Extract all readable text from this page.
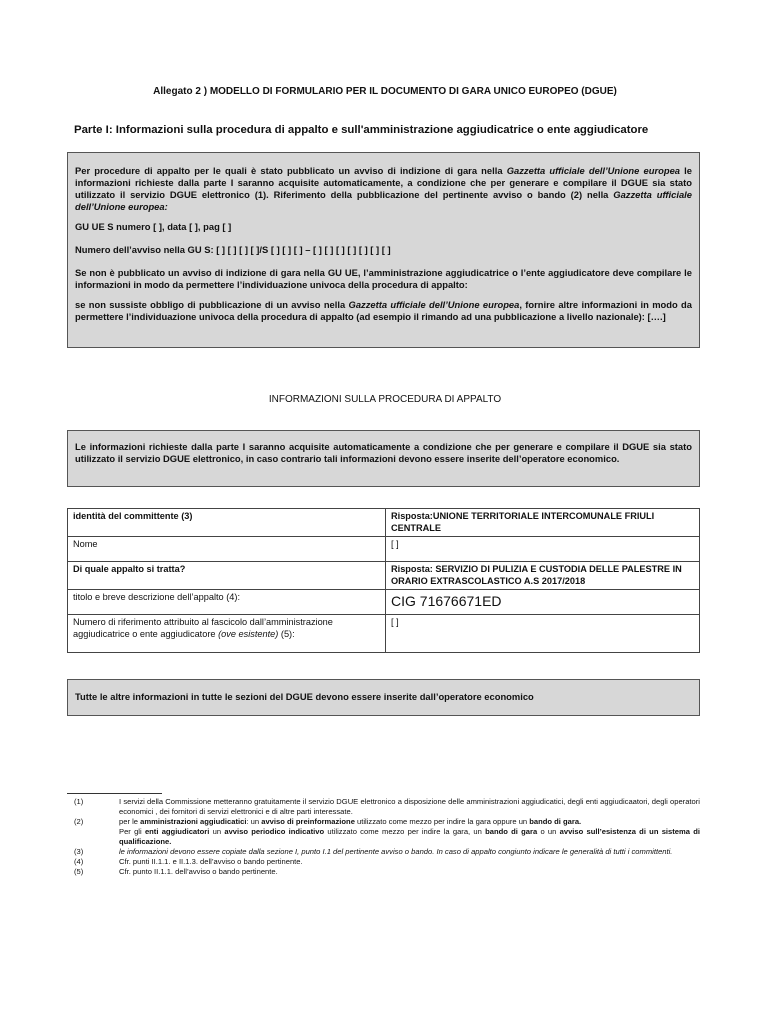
Allegato 2 ) MODELLO DI FORMULARIO PER IL DOCUMENTO DI GARA UNICO EUROPEO (DGUE)
Parte I: Informazioni sulla procedura di appalto e sull'amministrazione aggiudicatrice o ente aggiudicatore

Per procedure di appalto per le quali è stato pubblicato un avviso di indizione di gara nella Gazzetta ufficiale dell’Unione europea le informazioni richieste dalla parte I saranno acquisite automaticamente, a condizione che per generare e compilare il DGUE sia stato utilizzato il servizio DGUE elettronico (1). Riferimento della pubblicazione del pertinente avviso o bando (2) nella Gazzetta ufficiale dell’Unione europea:

GU UE S numero [ ], data [ ], pag [ ]

Numero dell’avviso nella GU S: [ ] [ ] [ ] [ ]/S [ ] [ ] [ ] – [ ] [ ] [ ] [ ] [ ] [ ] [ ]

Se non è pubblicato un avviso di indizione di gara nella GU UE, l’amministrazione aggiudicatrice o l’ente aggiudicatore deve compilare le informazioni in modo da permettere l’individuazione univoca della procedura di appalto:

se non sussiste obbligo di pubblicazione di un avviso nella Gazzetta ufficiale dell’Unione europea, fornire altre informazioni in modo da permettere l’individuazione univoca della procedura di appalto (ad esempio il rimando ad una pubblicazione a livello nazionale): [….]

INFORMAZIONI SULLA PROCEDURA DI APPALTO

Le informazioni richieste dalla parte I saranno acquisite automaticamente a condizione che per generare e compilare il DGUE sia stato utilizzato il servizio DGUE elettronico, in caso contrario tali informazioni devono essere inserite dell’operatore economico.

identità del committente (3)	Risposta:UNIONE TERRITORIALE INTERCOMUNALE FRIULI CENTRALE
Nome	[ ]
Di quale appalto si tratta?	Risposta: SERVIZIO DI PULIZIA E CUSTODIA DELLE PALESTRE IN ORARIO EXTRASCOLASTICO A.S 2017/2018
titolo e breve descrizione dell’appalto (4):	CIG 71676671ED
Numero di riferimento attribuito al fascicolo dall’amministrazione aggiudicatrice o ente aggiudicatore (ove esistente) (5):	[ ]

Tutte le altre informazioni in tutte le sezioni del DGUE devono essere inserite dall’operatore economico

(1)	I servizi della Commissione metteranno gratuitamente il servizio DGUE elettronico a disposizione delle amministrazioni aggiudicatici, degli enti aggiudicaatori, degli operatori economici , dei fornitori di servizi elettronici e di altre parti interessate.
(2)	per le amministrazioni aggiudicatici: un avviso di preinformazione utilizzato come mezzo per indire la gara oppure un bando di gara.
Per gli enti aggiudicatori un avviso periodico indicativo utilizzato come mezzo per indire la gara, un bando di gara o un avviso sull’esistenza di un sistema di qualificazione.
(3)	le informazioni devono essere copiate dalla sezione I, punto I.1 del pertinente avviso o bando. In caso di appalto congiunto indicare le generalità di tutti i committenti.
(4)	Cfr. punti II.1.1. e II.1.3. dell’avviso o bando pertinente.
(5)	Cfr. punto II.1.1. dell’avviso o bando pertinente.
